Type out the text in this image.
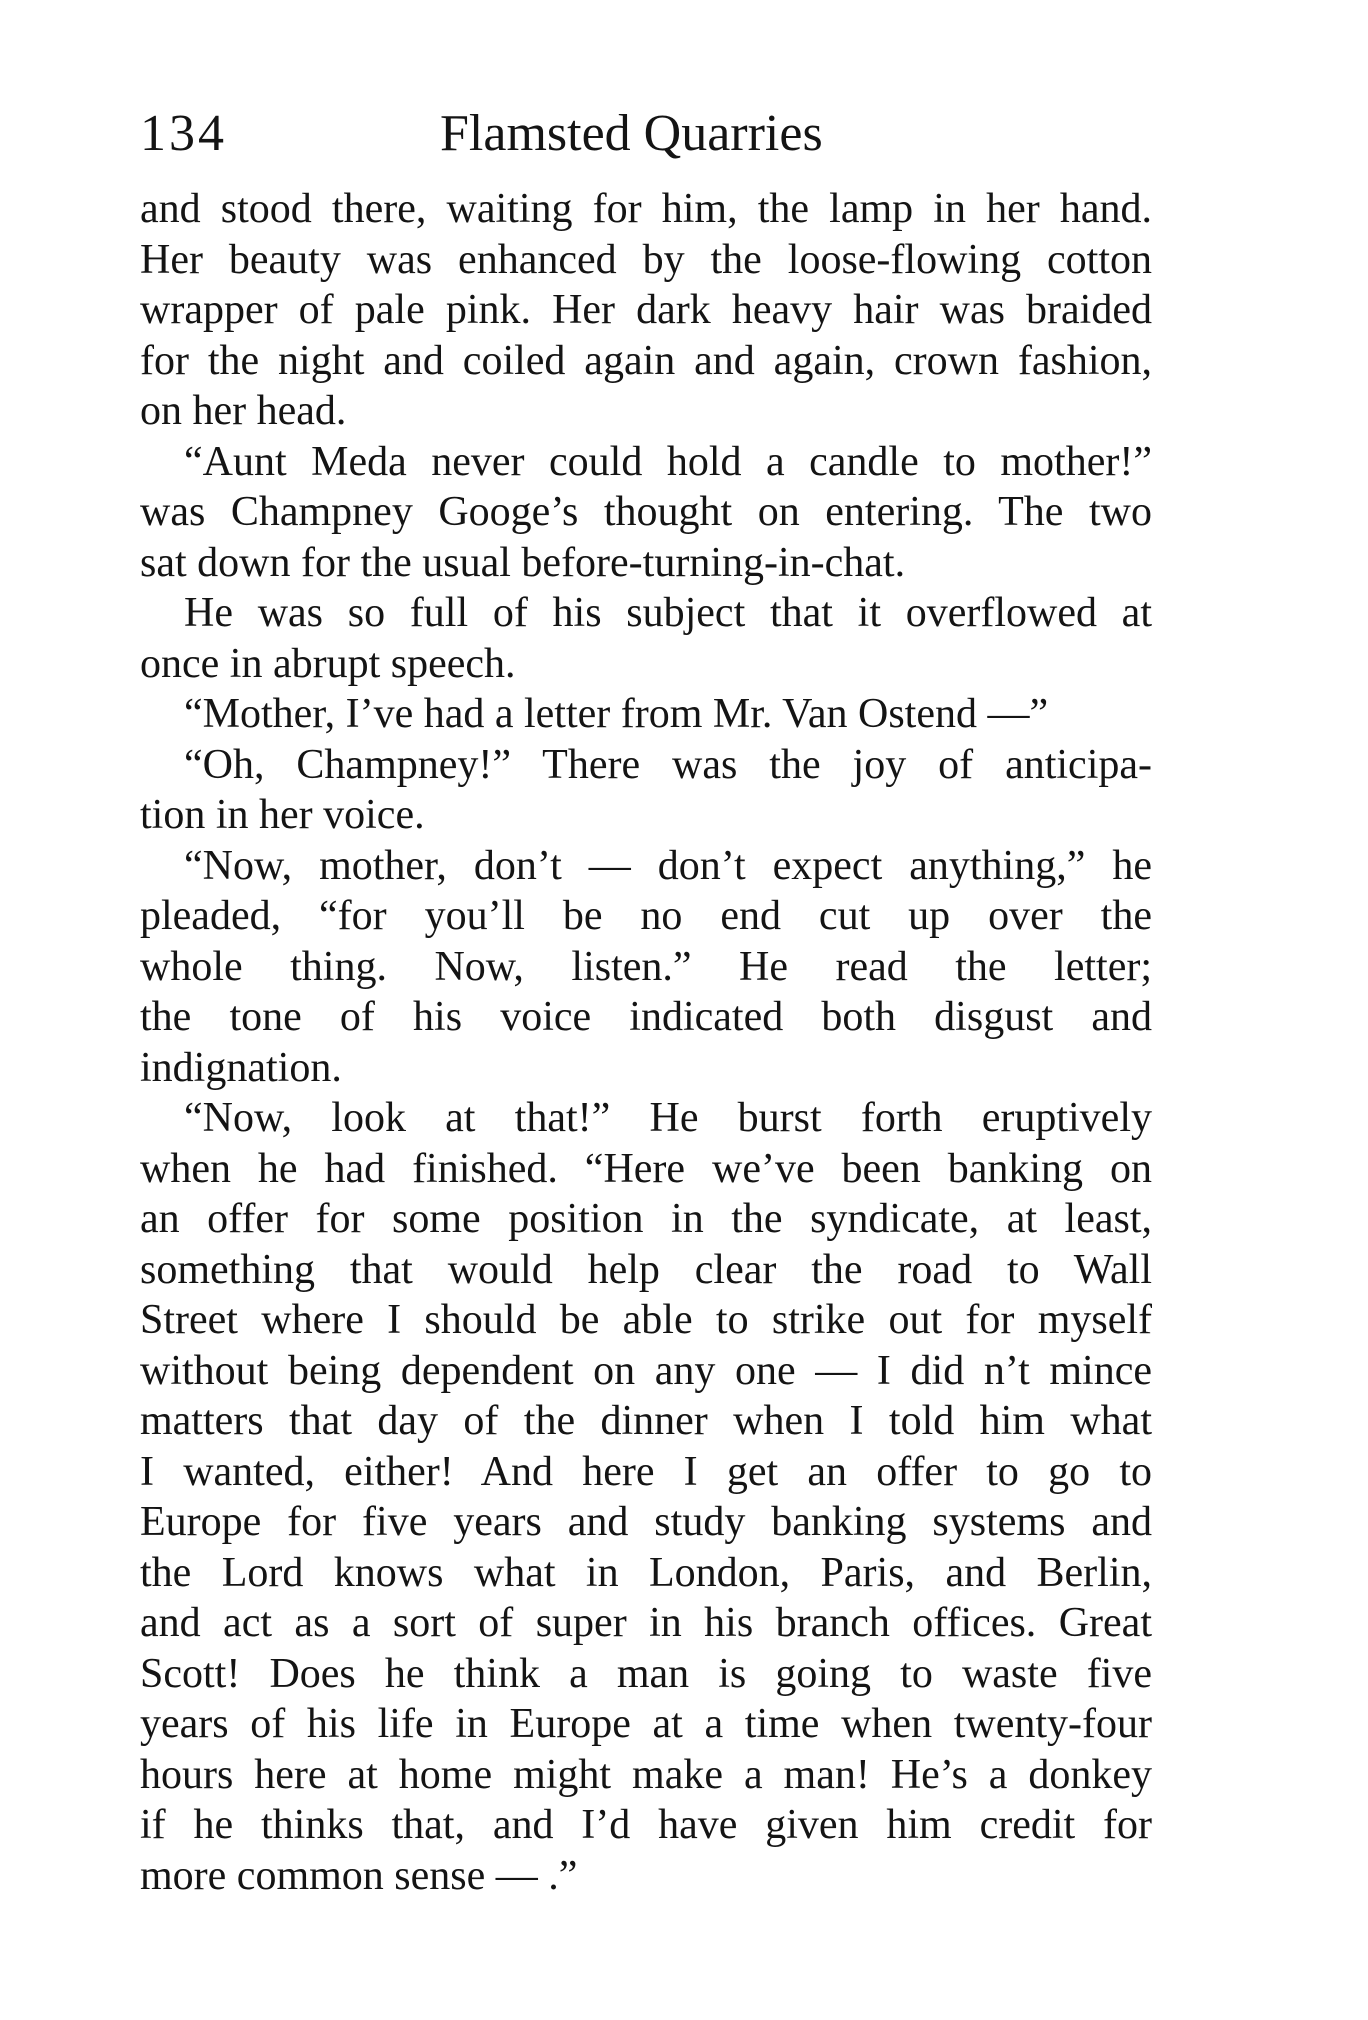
134	Flamsted Quarries
and stood there, waiting for him, the lamp in her hand.
Her beauty was enhanced by the loose-flowing cotton
wrapper of pale pink. Her dark heavy hair was braided
for the night and coiled again and again, crown fashion,
on her head.
“Aunt Meda never could hold a candle to mother!”
was Champney Googe’s thought on entering. The two
sat down for the usual before-turning-in-chat.
He was so full of his subject that it overflowed at
once in abrupt speech.
“Mother, I’ve had a letter from Mr. Van Ostend —”
“Oh, Champney!” There was the joy of anticipa-
tion in her voice.
“Now, mother, don’t — don’t expect anything,” he
pleaded, “for you’ll be no end cut up over the
whole thing. Now, listen.” He read the letter;
the tone of his voice indicated both disgust and
indignation.
“Now, look at that!” He burst forth eruptively
when he had finished. “Here we’ve been banking on
an offer for some position in the syndicate, at least,
something that would help clear the road to Wall
Street where I should be able to strike out for myself
without being dependent on any one — I did n’t mince
matters that day of the dinner when I told him what
I wanted, either! And here I get an offer to go to
Europe for five years and study banking systems and
the Lord knows what in London, Paris, and Berlin,
and act as a sort of super in his branch offices. Great
Scott! Does he think a man is going to waste five
years of his life in Europe at a time when twenty-four
hours here at home might make a man! He’s a donkey
if he thinks that, and I’d have given him credit for
more common sense — .”
